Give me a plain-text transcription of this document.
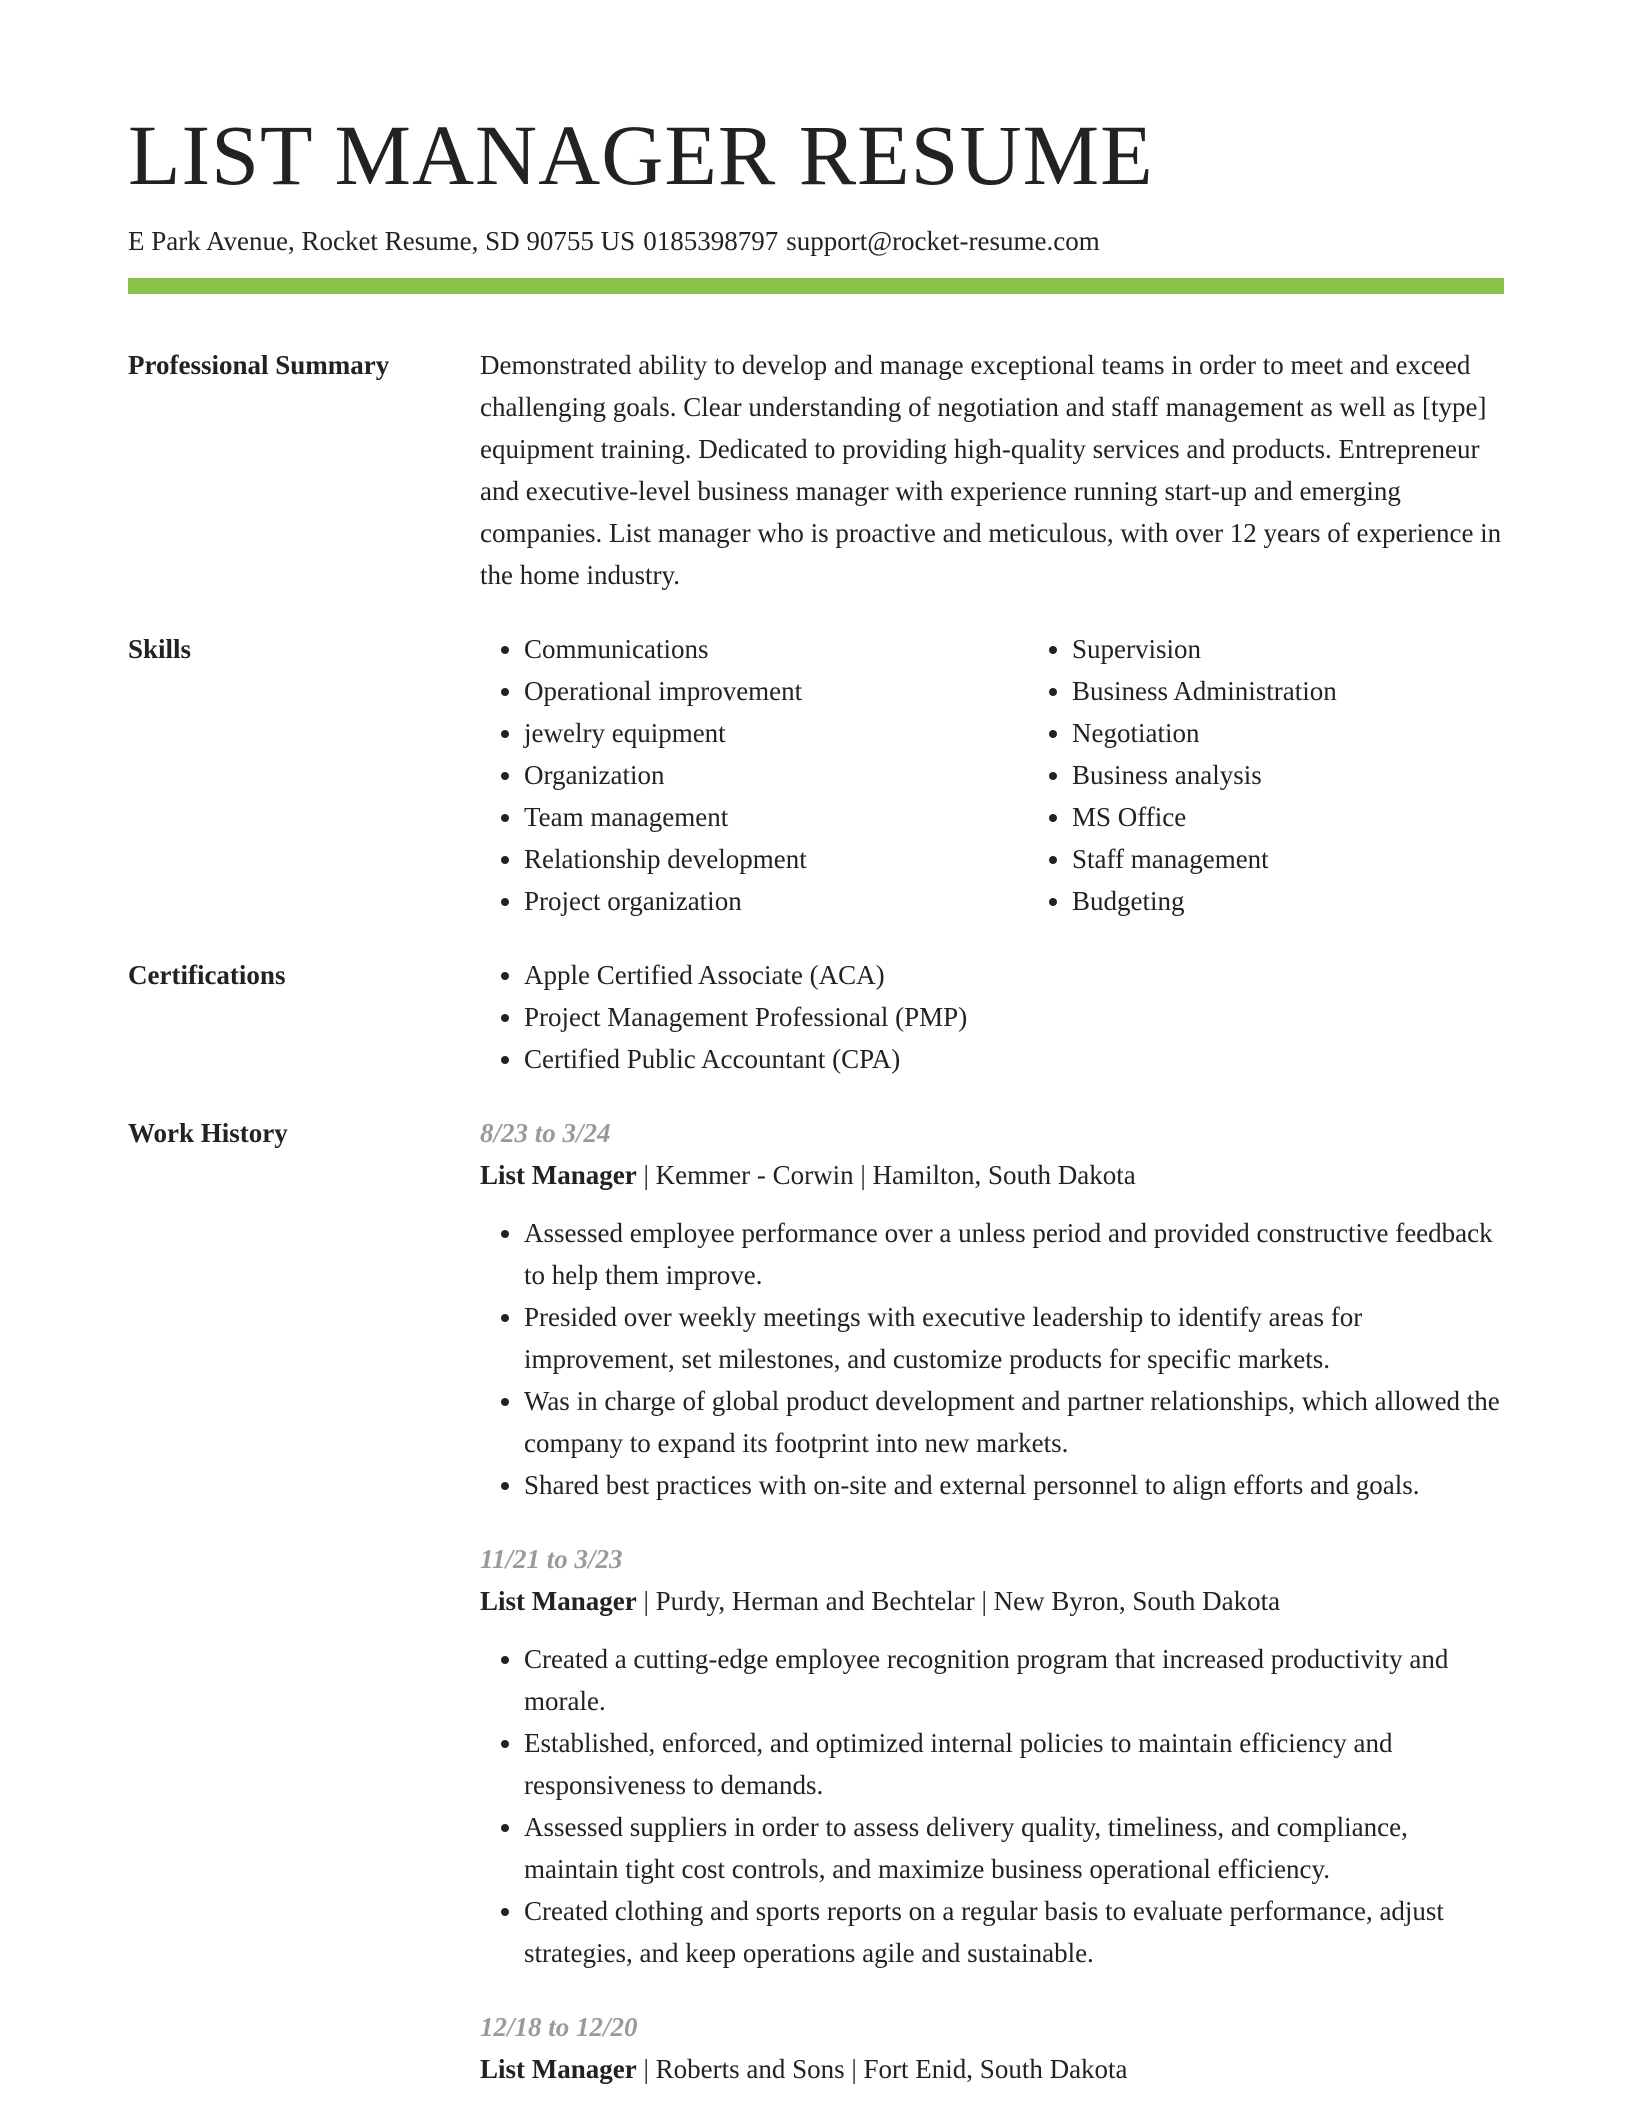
LIST MANAGER RESUME
E Park Avenue, Rocket Resume, SD 90755 US 0185398797 support@rocket-resume.com
Professional Summary	Demonstrated ability to develop and manage exceptional teams in order to meet and exceed challenging goals. Clear understanding of negotiation and staff management as well as [type] equipment training. Dedicated to providing high-quality services and products. Entrepreneur and executive-level business manager with experience running start-up and emerging companies. List manager who is proactive and meticulous, with over 12 years of experience in the home industry.
Skills	• Communications
• Operational improvement
• jewelry equipment
• Organization
• Team management
• Relationship development
• Project organization
• Supervision
• Business Administration
• Negotiation
• Business analysis
• MS Office
• Staff management
• Budgeting
Certifications	• Apple Certified Associate (ACA)
• Project Management Professional (PMP)
• Certified Public Accountant (CPA)
Work History	8/23 to 3/24
List Manager | Kemmer - Corwin | Hamilton, South Dakota
• Assessed employee performance over a unless period and provided constructive feedback to help them improve.
• Presided over weekly meetings with executive leadership to identify areas for improvement, set milestones, and customize products for specific markets.
• Was in charge of global product development and partner relationships, which allowed the company to expand its footprint into new markets.
• Shared best practices with on-site and external personnel to align efforts and goals.
11/21 to 3/23
List Manager | Purdy, Herman and Bechtelar | New Byron, South Dakota
• Created a cutting-edge employee recognition program that increased productivity and morale.
• Established, enforced, and optimized internal policies to maintain efficiency and responsiveness to demands.
• Assessed suppliers in order to assess delivery quality, timeliness, and compliance, maintain tight cost controls, and maximize business operational efficiency.
• Created clothing and sports reports on a regular basis to evaluate performance, adjust strategies, and keep operations agile and sustainable.
12/18 to 12/20
List Manager | Roberts and Sons | Fort Enid, South Dakota
